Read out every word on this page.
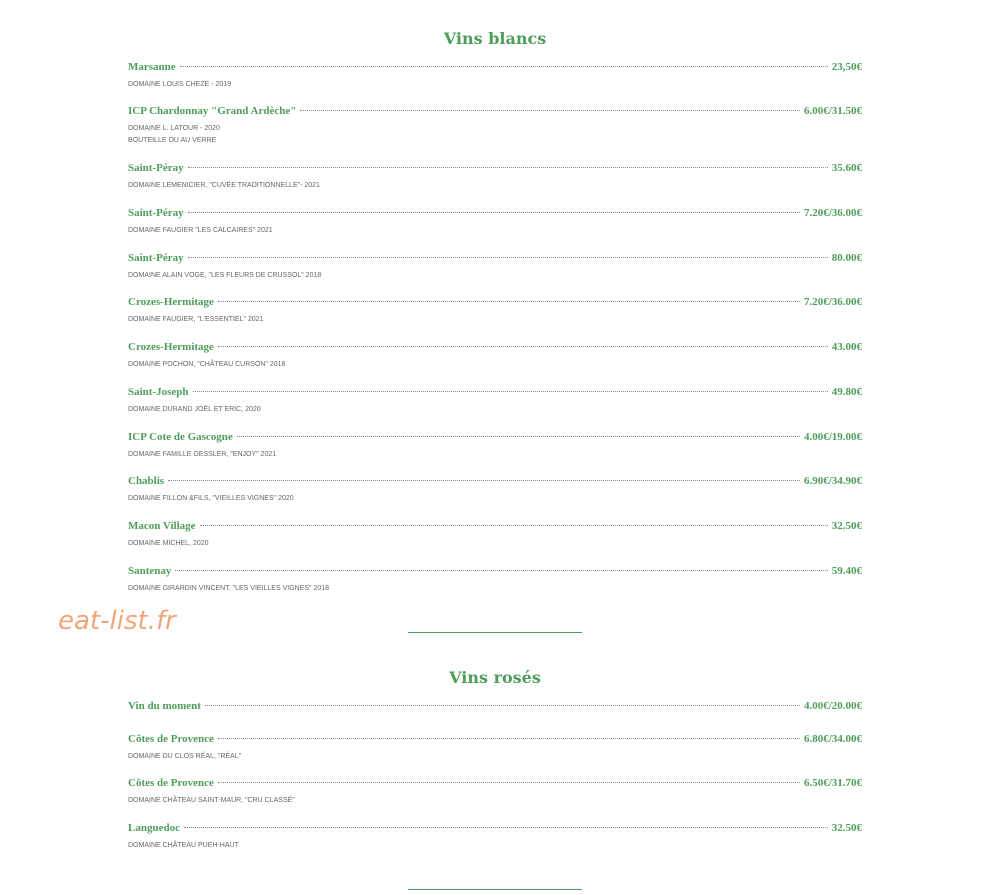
Vins blancs
Marsanne	23,50€
DOMAINE LOUIS CHEZE - 2019
ICP Chardonnay "Grand Ardèche"	6.00€/31.50€
DOMAINE L. LATOUR - 2020
BOUTEILLE OU AU VERRE
Saint-Péray	35.60€
DOMAINE LEMENICIER, "CUVÉE TRADITIONNELLE"- 2021
Saint-Péray	7.20€/36.00€
DOMAINE FAUGIER "LES CALCAIRES" 2021
Saint-Péray	80.00€
DOMAINE ALAIN VOGE, "LES FLEURS DE CRUSSOL" 2018
Crozes-Hermitage	7.20€/36.00€
DOMAINE FAUGIER, "L'ESSENTIEL" 2021
Crozes-Hermitage	43.00€
DOMAINE POCHON, "CHÂTEAU CURSON" 2018
Saint-Joseph	49.80€
DOMAINE DURAND JOËL ET ERIC, 2020
ICP Cote de Gascogne	4.00€/19.00€
DOMAINE FAMILLE GESSLER, "ENJOY" 2021
Chablis	6.90€/34.90€
DOMAINE FILLON &FILS, "VIEILLES VIGNES" 2020
Macon Village	32.50€
DOMAINE MICHEL, 2020
Santenay	59.40€
DOMAINE GIRARDIN VINCENT, "LES VIEILLES VIGNES" 2018
Vins rosés
Vin du moment	4.00€/20.00€
Côtes de Provence	6.80€/34.00€
DOMAINE DU CLOS RÉAL, "RÉAL"
Côtes de Provence	6.50€/31.70€
DOMAINE CHÂTEAU SAINT-MAUR, "CRU CLASSÉ"
Languedoc	32.50€
DOMAINE CHÂTEAU PUEH-HAUT
eat-list.fr
